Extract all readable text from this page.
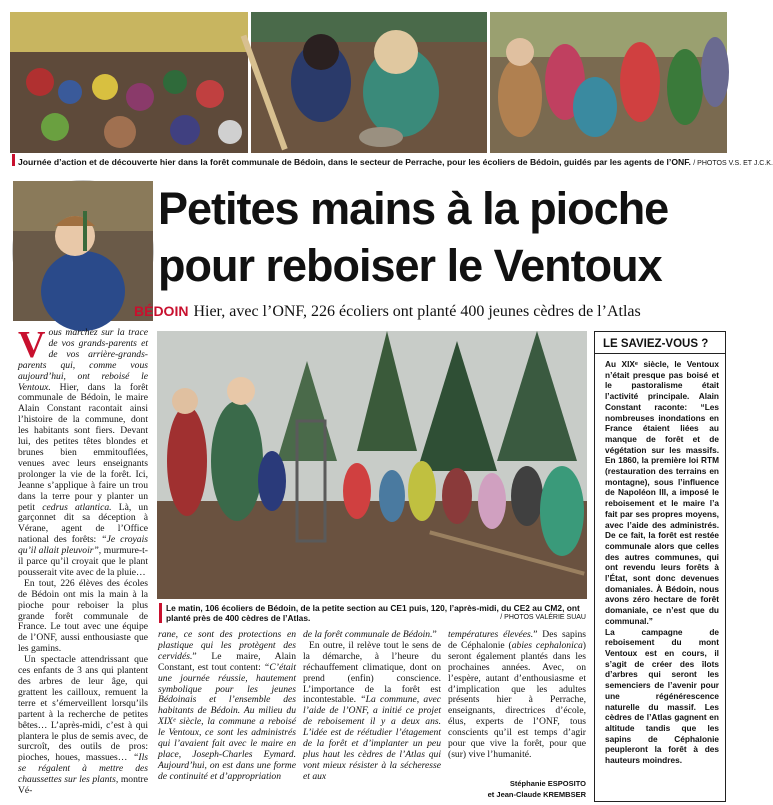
Journée d’action et de découverte hier dans la forêt communale de Bédoin, dans le secteur de Perrache, pour les écoliers de Bédoin, guidés par les agents de l’ONF. / PHOTOS V.S. ET J.C.K.
Petites mains à la pioche
pour reboiser le Ventoux
BÉDOIN Hier, avec l’ONF, 226 écoliers ont planté 400 jeunes cèdres de l’Atlas

Vous marchez sur la trace de vos grands-parents et de vos arrière-grands-parents qui, comme vous aujourd’hui, ont reboisé le Ventoux. Hier, dans la forêt communale de Bédoin, le maire Alain Constant racontait ainsi l’histoire de la commune, dont les habitants sont fiers. Devant lui, des petites têtes blondes et brunes bien emmitouflées, venues avec leurs enseignants prolonger la vie de la forêt. Ici, Jeanne s’applique à faire un trou dans la terre pour y planter un petit cedrus atlantica. Là, un garçonnet dit sa déception à Vérane, agent de l’Office national des forêts: “Je croyais qu’il allait pleuvoir”, murmure-t-il parce qu’il croyait que le plant pousserait vite avec de la pluie…

En tout, 226 élèves des écoles de Bédoin ont mis la main à la pioche pour reboiser la plus grande forêt communale de France. Le tout avec une équipe de l’ONF, aussi enthousiaste que les gamins.

Un spectacle attendrissant que ces enfants de 3 ans qui plantent des arbres de leur âge, qui grattent les cailloux, remuent la terre et s’émerveillent lorsqu’ils partent à la recherche de petites bêtes… L’après-midi, c’est à qui plantera le plus de semis avec, de surcroît, des outils de pros: pioches, houes, massues… “Ils se régalent à mettre des chaussettes sur les plants, montre Vé-

Le matin, 106 écoliers de Bédoin, de la petite section au CE1 puis, 120, l’après-midi, du CE2 au CM2, ont planté près de 400 cèdres de l’Atlas.	/ PHOTOS VALÉRIE SUAU

rane, ce sont des protections en plastique qui les protègent des cervidés.” Le maire, Alain Constant, est tout content: “C’était une journée réussie, hautement symbolique pour les jeunes Bédoinais et l’ensemble des habitants de Bédoin. Au milieu du XIXᵉ siècle, la commune a reboisé le Ventoux, ce sont les administrés qui l’avaient fait avec le maire en place, Joseph-Charles Eymard. Aujourd’hui, on est dans une forme de continuité et d’appropriation

de la forêt communale de Bédoin.”

En outre, il relève tout le sens de la démarche, à l’heure du réchauffement climatique, dont on prend (enfin) conscience. L’importance de la forêt est incontestable. “La commune, avec l’aide de l’ONF, a initié ce projet de reboisement il y a deux ans. L’idée est de réétudier l’étagement de la forêt et d’implanter un peu plus haut les cèdres de l’Atlas qui vont mieux résister à la sécheresse et aux

températures élevées.” Des sapins de Céphalonie (abies cephalonica) seront également plantés dans les prochaines années. Avec, on l’espère, autant d’enthousiasme et d’implication que les adultes présents hier à Perrache, enseignants, directrices d’école, élus, experts de l’ONF, tous conscients qu’il est temps d’agir pour que vive la forêt, pour que (sur) vive l’humanité.

Stéphanie ESPOSITO
et Jean-Claude KREMBSER
LE SAVIEZ-VOUS ?

Au XIXᵉ siècle, le Ventoux n’était presque pas boisé et le pastoralisme était l’activité principale. Alain Constant raconte: “Les nombreuses inondations en France étaient liées au manque de forêt et de végétation sur les massifs. En 1860, la première loi RTM (restauration des terrains en montagne), sous l’influence de Napoléon III, a imposé le reboisement et le maire l’a fait par ses propres moyens, avec l’aide des administrés. De ce fait, la forêt est restée communale alors que celles des autres communes, qui ont revendu leurs forêts à l’État, sont donc devenues domaniales. À Bédoin, nous avons zéro hectare de forêt domaniale, ce n’est que du communal.”

La campagne de reboisement du mont Ventoux est en cours, il s’agit de créer des îlots d’arbres qui seront les semenciers de l’avenir pour une régénérescence naturelle du massif. Les cèdres de l’Atlas gagnent en altitude tandis que les sapins de Céphalonie peupleront la forêt à des hauteurs moindres.
